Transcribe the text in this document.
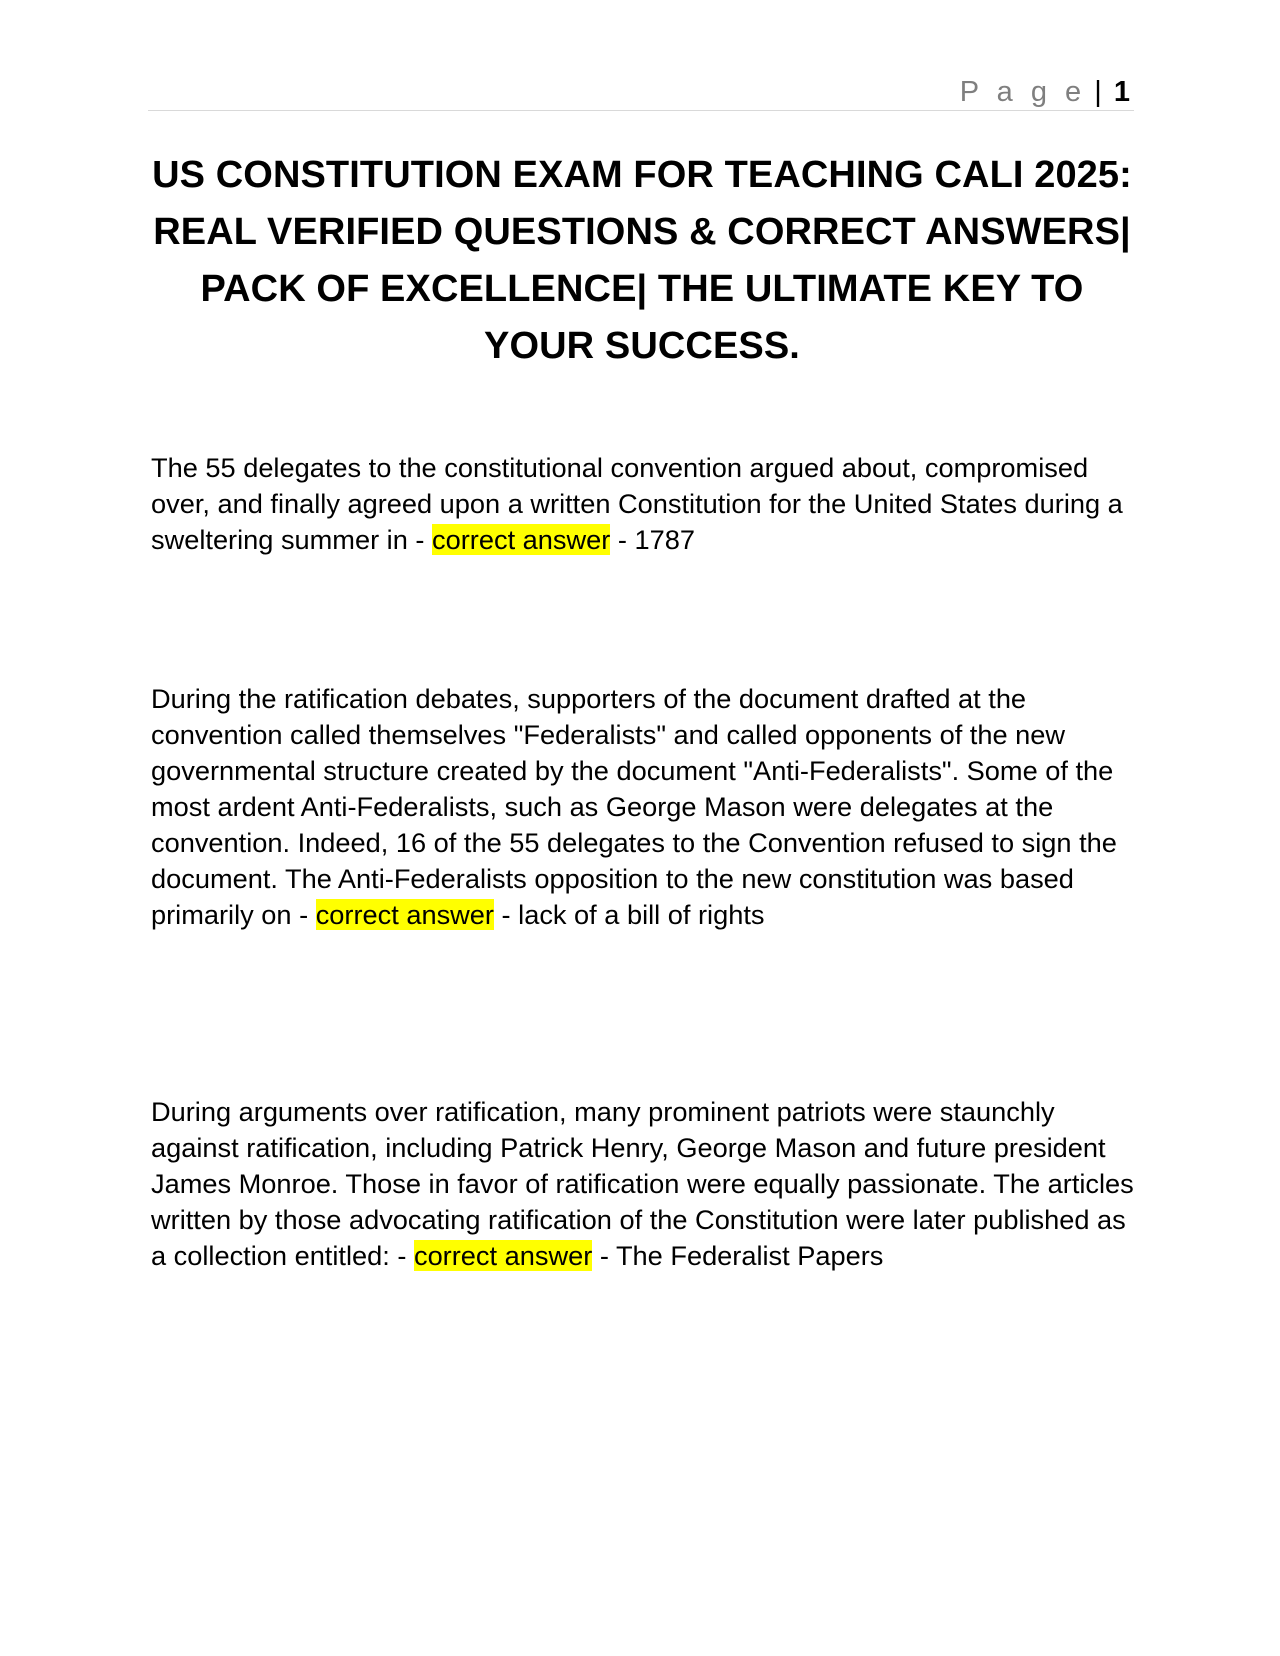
P a g e | 1
US CONSTITUTION EXAM FOR TEACHING CALI 2025: REAL VERIFIED QUESTIONS & CORRECT ANSWERS| PACK OF EXCELLENCE| THE ULTIMATE KEY TO YOUR SUCCESS.

The 55 delegates to the constitutional convention argued about, compromised over, and finally agreed upon a written Constitution for the United States during a sweltering summer in - correct answer - 1787

During the ratification debates, supporters of the document drafted at the convention called themselves "Federalists" and called opponents of the new governmental structure created by the document "Anti-Federalists". Some of the most ardent Anti-Federalists, such as George Mason were delegates at the convention. Indeed, 16 of the 55 delegates to the Convention refused to sign the document. The Anti-Federalists opposition to the new constitution was based primarily on - correct answer - lack of a bill of rights

During arguments over ratification, many prominent patriots were staunchly against ratification, including Patrick Henry, George Mason and future president James Monroe. Those in favor of ratification were equally passionate. The articles written by those advocating ratification of the Constitution were later published as a collection entitled: - correct answer - The Federalist Papers
